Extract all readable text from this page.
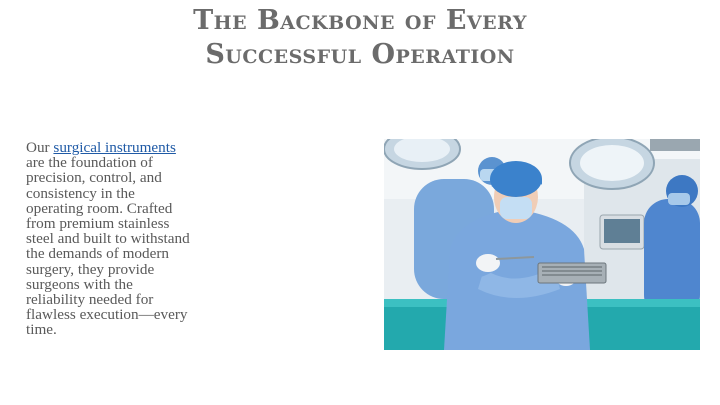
The Backbone of Every
Successful Operation
Our surgical instruments are the foundation of precision, control, and consistency in the operating room. Crafted from premium stainless steel and built to withstand the demands of modern surgery, they provide surgeons with the reliability needed for flawless execution—every time.
